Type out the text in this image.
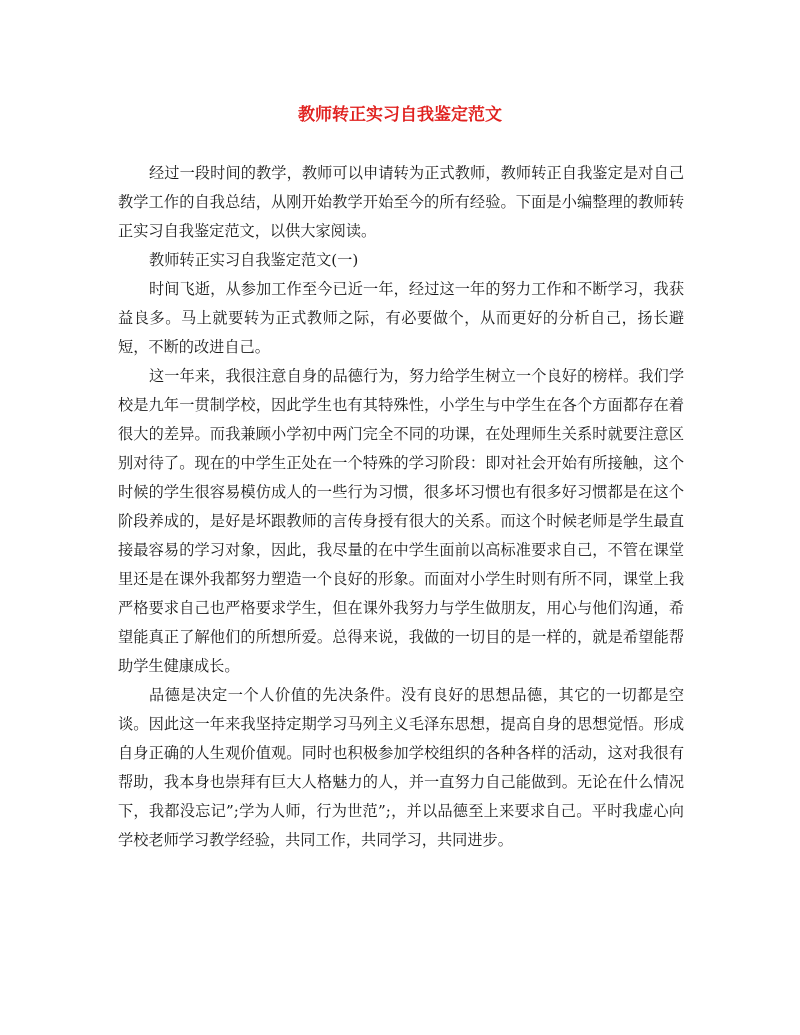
教师转正实习自我鉴定范文

经过一段时间的教学，教师可以申请转为正式教师，教师转正自我鉴定是对自己教学工作的自我总结，从刚开始教学开始至今的所有经验。下面是小编整理的教师转正实习自我鉴定范文，以供大家阅读。

教师转正实习自我鉴定范文(一)

时间飞逝，从参加工作至今已近一年，经过这一年的努力工作和不断学习，我获益良多。马上就要转为正式教师之际，有必要做个，从而更好的分析自己，扬长避短，不断的改进自己。

这一年来，我很注意自身的品德行为，努力给学生树立一个良好的榜样。我们学校是九年一贯制学校，因此学生也有其特殊性，小学生与中学生在各个方面都存在着很大的差异。而我兼顾小学初中两门完全不同的功课，在处理师生关系时就要注意区别对待了。现在的中学生正处在一个特殊的学习阶段：即对社会开始有所接触，这个时候的学生很容易模仿成人的一些行为习惯，很多坏习惯也有很多好习惯都是在这个阶段养成的，是好是坏跟教师的言传身授有很大的关系。而这个时候老师是学生最直接最容易的学习对象，因此，我尽量的在中学生面前以高标准要求自己，不管在课堂里还是在课外我都努力塑造一个良好的形象。而面对小学生时则有所不同，课堂上我严格要求自己也严格要求学生，但在课外我努力与学生做朋友，用心与他们沟通，希望能真正了解他们的所想所爱。总得来说，我做的一切目的是一样的，就是希望能帮助学生健康成长。

品德是决定一个人价值的先决条件。没有良好的思想品德，其它的一切都是空谈。因此这一年来我坚持定期学习马列主义毛泽东思想，提高自身的思想觉悟。形成自身正确的人生观价值观。同时也积极参加学校组织的各种各样的活动，这对我很有帮助，我本身也崇拜有巨大人格魅力的人，并一直努力自己能做到。无论在什么情况下，我都没忘记”;学为人师，行为世范”;，并以品德至上来要求自己。平时我虚心向学校老师学习教学经验，共同工作，共同学习，共同进步。
